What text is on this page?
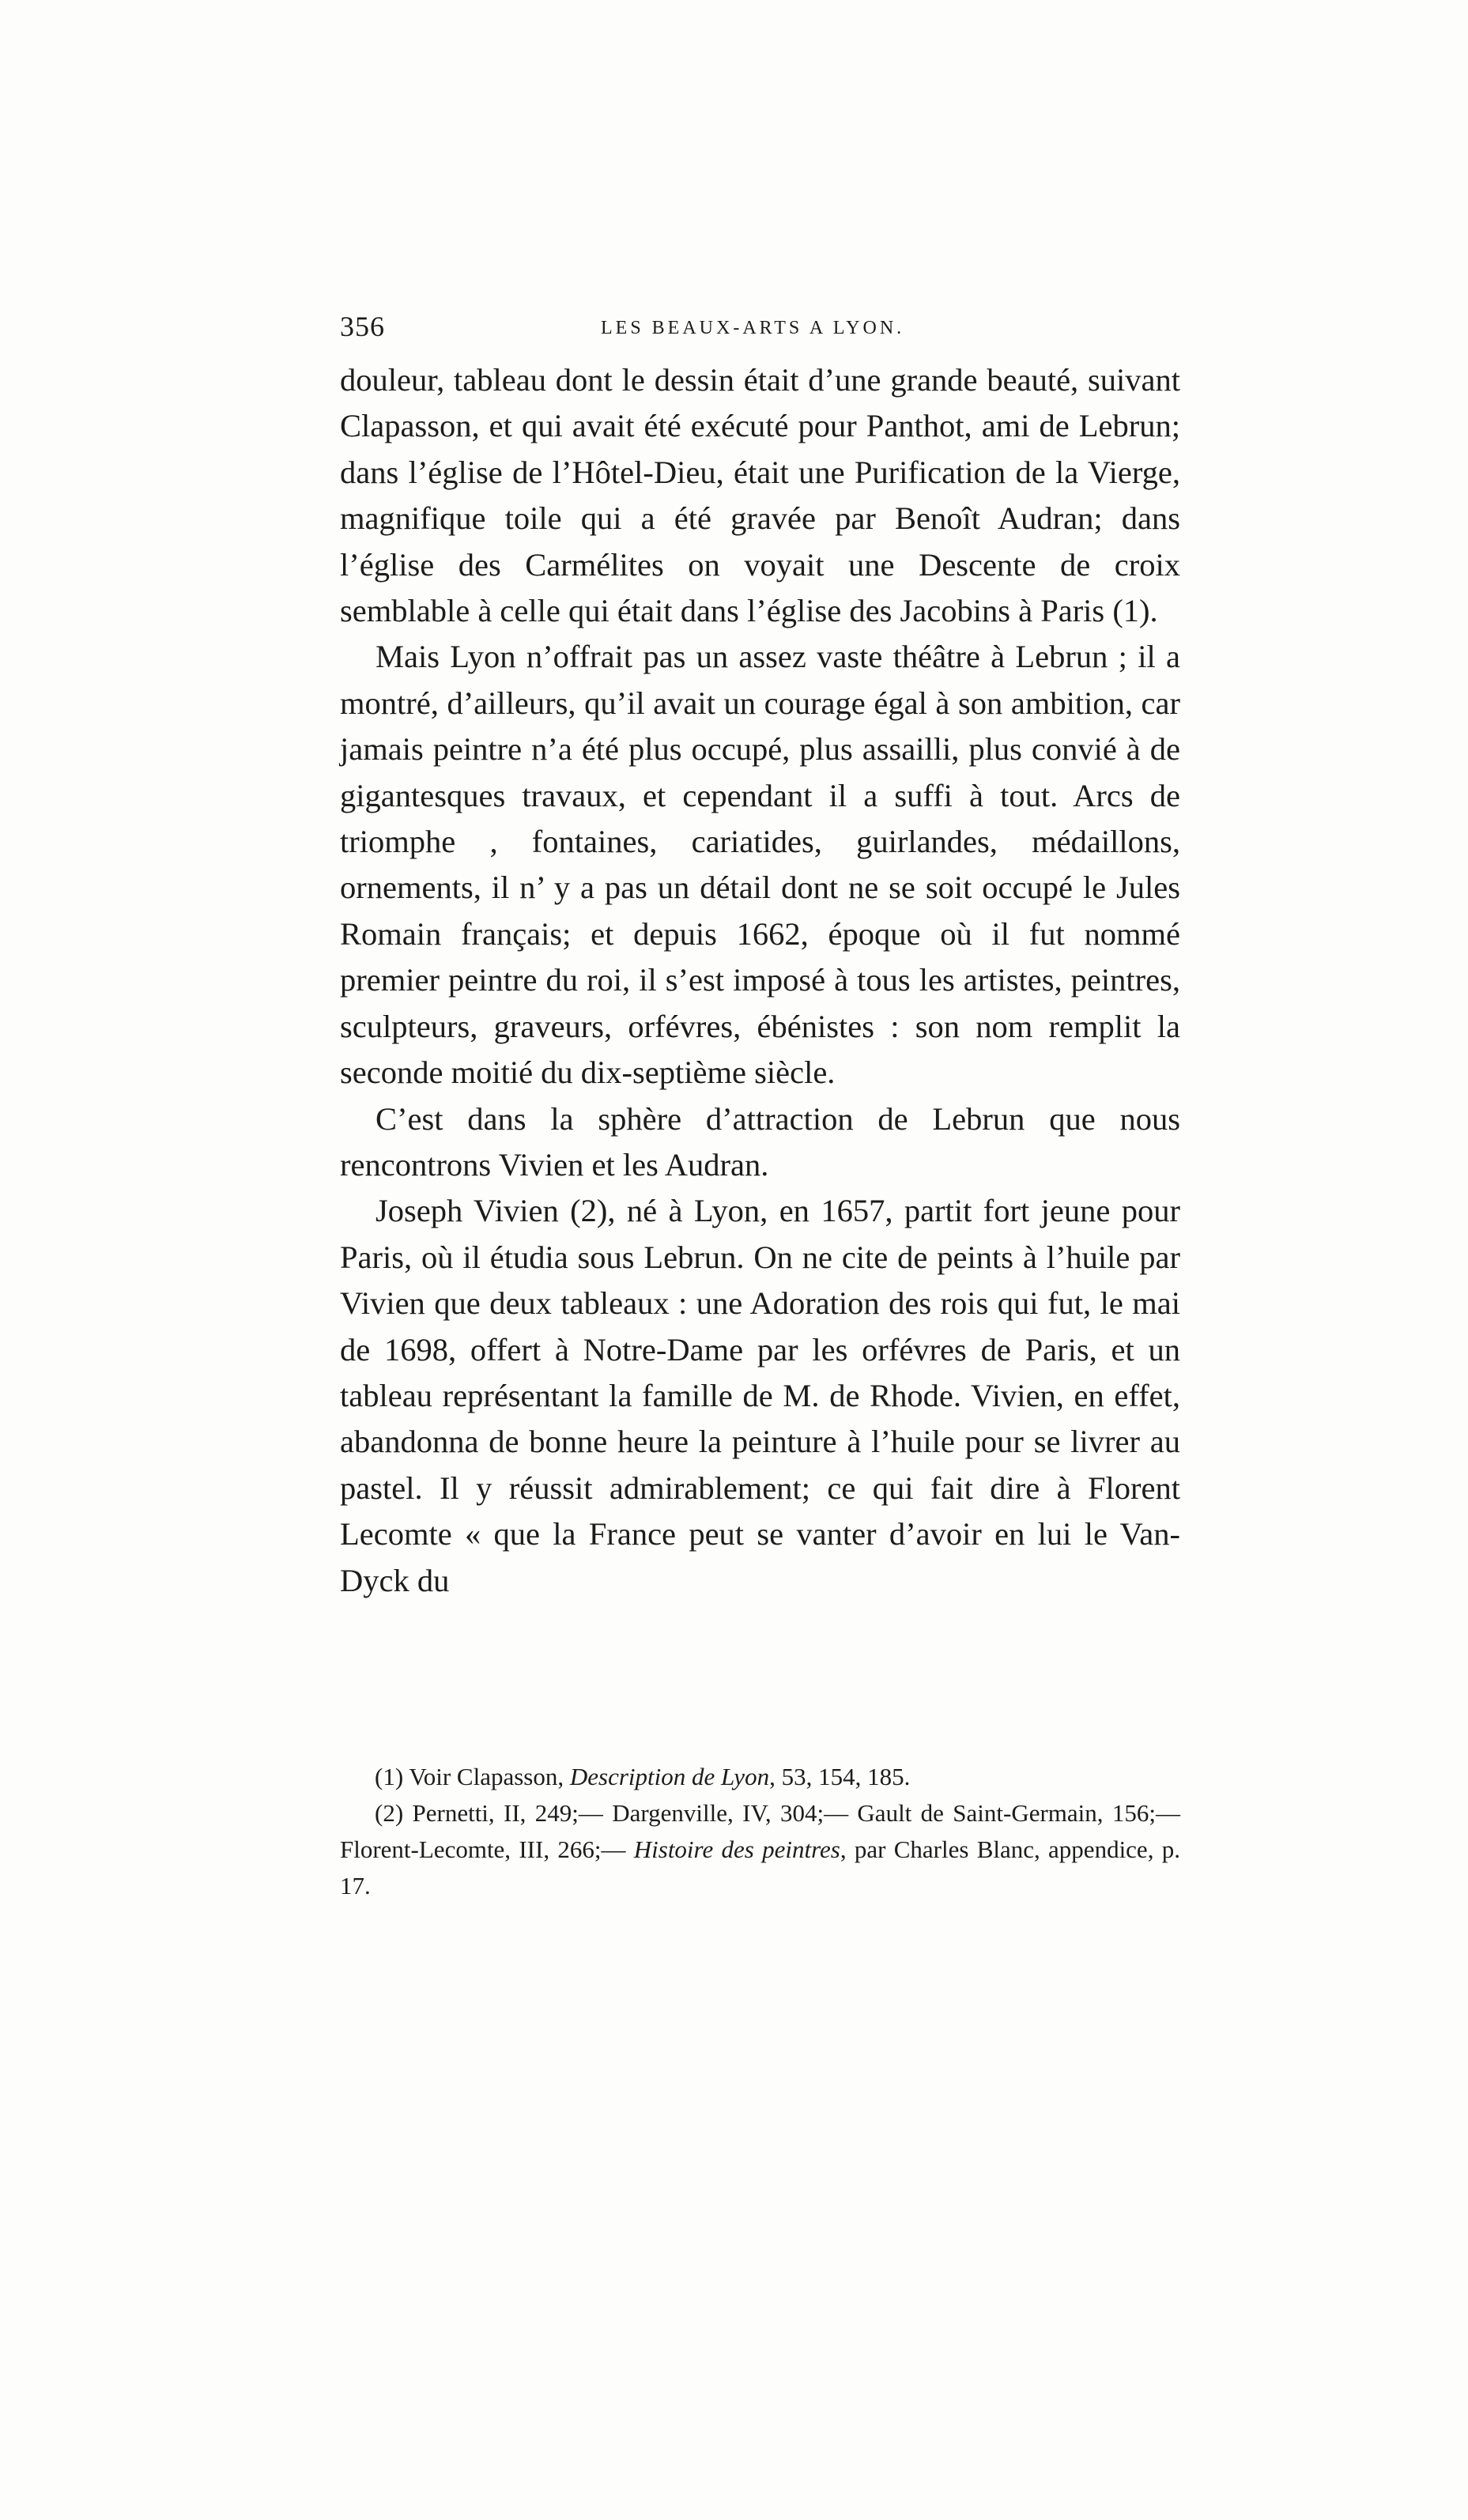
356	LES BEAUX-ARTS A LYON.

douleur, tableau dont le dessin était d’une grande beauté, suivant Clapasson, et qui avait été exécuté pour Panthot, ami de Lebrun; dans l’église de l’Hôtel-Dieu, était une Purification de la Vierge, magnifique toile qui a été gravée par Benoît Audran; dans l’église des Carmélites on voyait une Descente de croix semblable à celle qui était dans l’église des Jacobins à Paris (1).

Mais Lyon n’offrait pas un assez vaste théâtre à Lebrun ; il a montré, d’ailleurs, qu’il avait un courage égal à son ambition, car jamais peintre n’a été plus occupé, plus assailli, plus convié à de gigantesques travaux, et cependant il a suffi à tout. Arcs de triomphe , fontaines, cariatides, guirlandes, médaillons, ornements, il n’ y a pas un détail dont ne se soit occupé le Jules Romain français; et depuis 1662, époque où il fut nommé premier peintre du roi, il s’est imposé à tous les artistes, peintres, sculpteurs, graveurs, orfévres, ébénistes : son nom remplit la seconde moitié du dix-septième siècle.

C’est dans la sphère d’attraction de Lebrun que nous rencontrons Vivien et les Audran.

Joseph Vivien (2), né à Lyon, en 1657, partit fort jeune pour Paris, où il étudia sous Lebrun. On ne cite de peints à l’huile par Vivien que deux tableaux : une Adoration des rois qui fut, le mai de 1698, offert à Notre-Dame par les orfévres de Paris, et un tableau représentant la famille de M. de Rhode. Vivien, en effet, abandonna de bonne heure la peinture à l’huile pour se livrer au pastel. Il y réussit admirablement; ce qui fait dire à Florent Lecomte « que la France peut se vanter d’avoir en lui le Van-Dyck du

(1) Voir Clapasson, Description de Lyon, 53, 154, 185.

(2) Pernetti, II, 249;— Dargenville, IV, 304;— Gault de Saint-Germain, 156;— Florent-Lecomte, III, 266;— Histoire des peintres, par Charles Blanc, appendice, p. 17.
